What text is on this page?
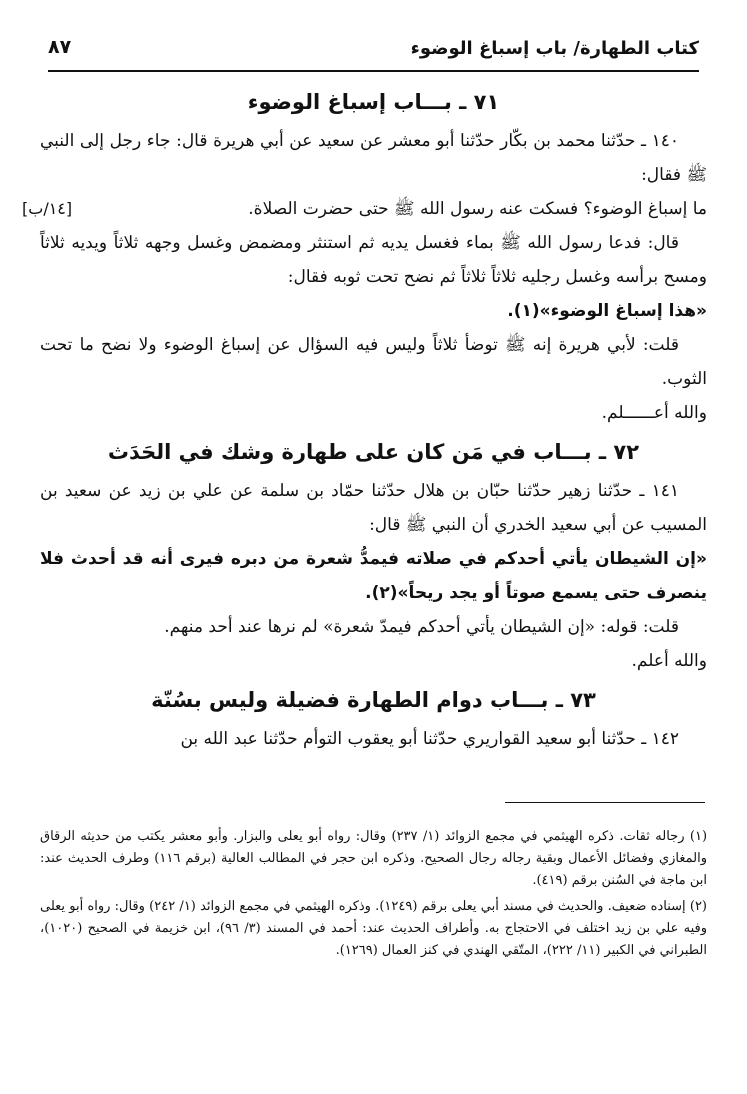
كتاب الطهارة/ باب إسباغ الوضوء
٨٧
٧١ ـ بـــاب إسباغ الوضوء

١٤٠ ـ حدّثنا محمد بن بكّار حدّثنا أبو معشر عن سعيد عن أبي هريرة قال: جاء رجل إلى النبي ﷺ فقال:

[١٤/ب]	ما إسباغ الوضوء؟ فسكت عنه رسول الله ﷺ حتى حضرت الصلاة.

قال: فدعا رسول الله ﷺ بماء فغسل يديه ثم استنثر ومضمض وغسل وجهه ثلاثاً ويديه ثلاثاً ومسح برأسه وغسل رجليه ثلاثاً ثلاثاً ثم نضح تحت ثوبه فقال:

«هذا إسباغ الوضوء»(١).

قلت: لأبي هريرة إنه ﷺ توضأ ثلاثاً وليس فيه السؤال عن إسباغ الوضوء ولا نضح ما تحت الثوب.

والله أعــــــلم.

٧٢ ـ بـــاب في مَن كان على طهارة وشك في الحَدَث

١٤١ ـ حدّثنا زهير حدّثنا حبّان بن هلال حدّثنا حمّاد بن سلمة عن علي بن زيد عن سعيد بن المسيب عن أبي سعيد الخدري أن النبي ﷺ قال:

«إن الشيطان يأتي أحدكم في صلاته فيمدُّ شعرة من دبره فيرى أنه قد أحدث فلا ينصرف حتى يسمع صوتاً أو يجد ريحاً»(٢).

قلت: قوله: «إن الشيطان يأتي أحدكم فيمدّ شعرة» لم نرها عند أحد منهم.

والله أعلم.

٧٣ ـ بـــاب دوام الطهارة فضيلة وليس بسُنّة

١٤٢ ـ حدّثنا أبو سعيد القواريري حدّثنا أبو يعقوب التوأم حدّثنا عبد الله بن

(١) رجاله ثقات. ذكره الهيثمي في مجمع الزوائد (١/ ٢٣٧) وقال: رواه أبو يعلى والبزار. وأبو معشر يكتب من حديثه الرقاق والمغازي وفضائل الأعمال وبقية رجاله رجال الصحيح. وذكره ابن حجر في المطالب العالية (برقم ١١٦) وطرف الحديث عند: ابن ماجة في السُنن برقم (٤١٩).

(٢) إسناده ضعيف. والحديث في مسند أبي يعلى برقم (١٢٤٩). وذكره الهيثمي في مجمع الزوائد (١/ ٢٤٢) وقال: رواه أبو يعلى وفيه علي بن زيد اختلف في الاحتجاج به. وأطراف الحديث عند: أحمد في المسند (٣/ ٩٦)، ابن خزيمة في الصحيح (١٠٢٠)، الطبراني في الكبير (١١/ ٢٢٢)، المتّقي الهندي في كنز العمال (١٢٦٩).
